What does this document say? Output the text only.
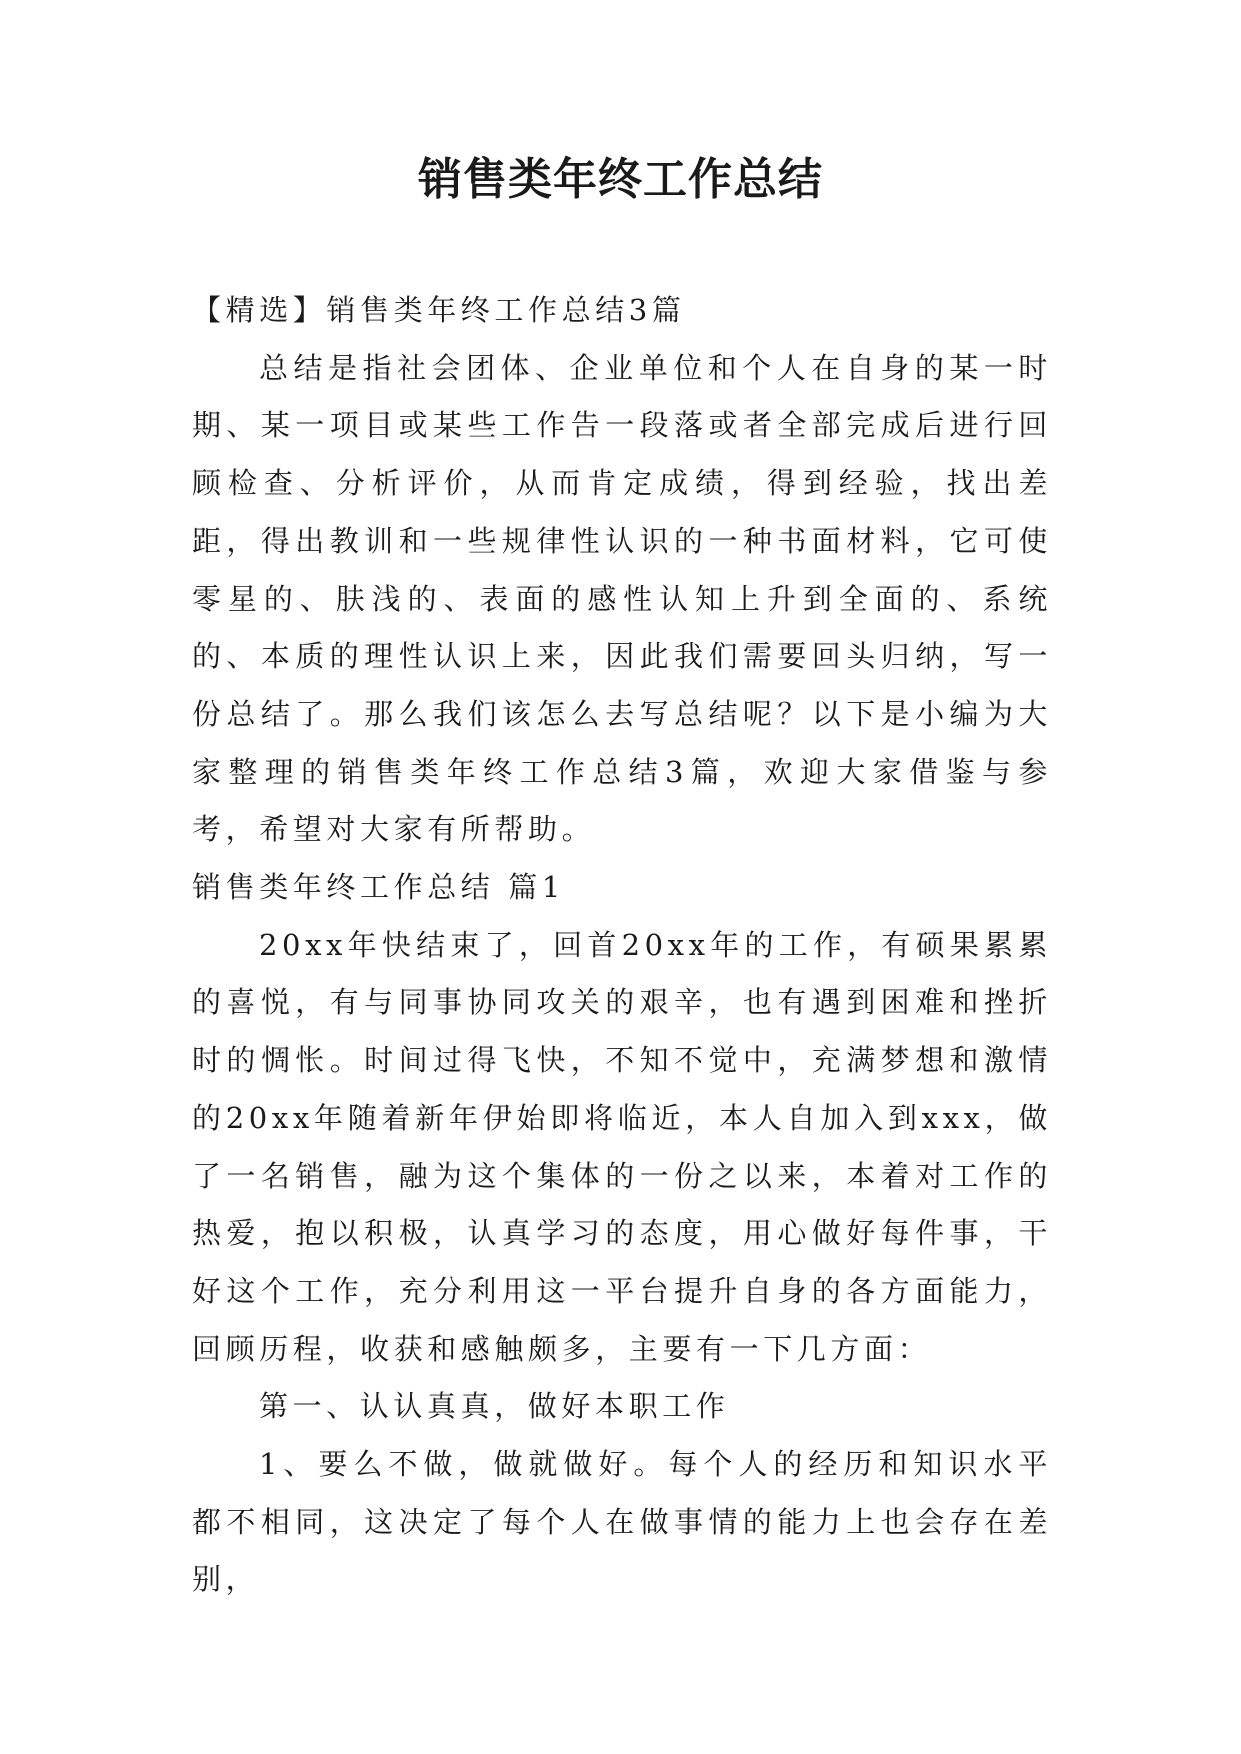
销售类年终工作总结

【精选】销售类年终工作总结3篇

总结是指社会团体、企业单位和个人在自身的某一时期、某一项目或某些工作告一段落或者全部完成后进行回顾检查、分析评价，从而肯定成绩，得到经验，找出差距，得出教训和一些规律性认识的一种书面材料，它可使零星的、肤浅的、表面的感性认知上升到全面的、系统的、本质的理性认识上来，因此我们需要回头归纳，写一份总结了。那么我们该怎么去写总结呢？以下是小编为大家整理的销售类年终工作总结3篇，欢迎大家借鉴与参考，希望对大家有所帮助。

销售类年终工作总结 篇1

20xx年快结束了，回首20xx年的工作，有硕果累累的喜悦，有与同事协同攻关的艰辛，也有遇到困难和挫折时的惆怅。时间过得飞快，不知不觉中，充满梦想和激情的20xx年随着新年伊始即将临近，本人自加入到xxx，做了一名销售，融为这个集体的一份之以来，本着对工作的热爱，抱以积极，认真学习的态度，用心做好每件事，干好这个工作，充分利用这一平台提升自身的各方面能力，回顾历程，收获和感触颇多，主要有一下几方面：

第一、认认真真，做好本职工作

1、要么不做，做就做好。每个人的经历和知识水平都不相同，这决定了每个人在做事情的能力上也会存在差别，
